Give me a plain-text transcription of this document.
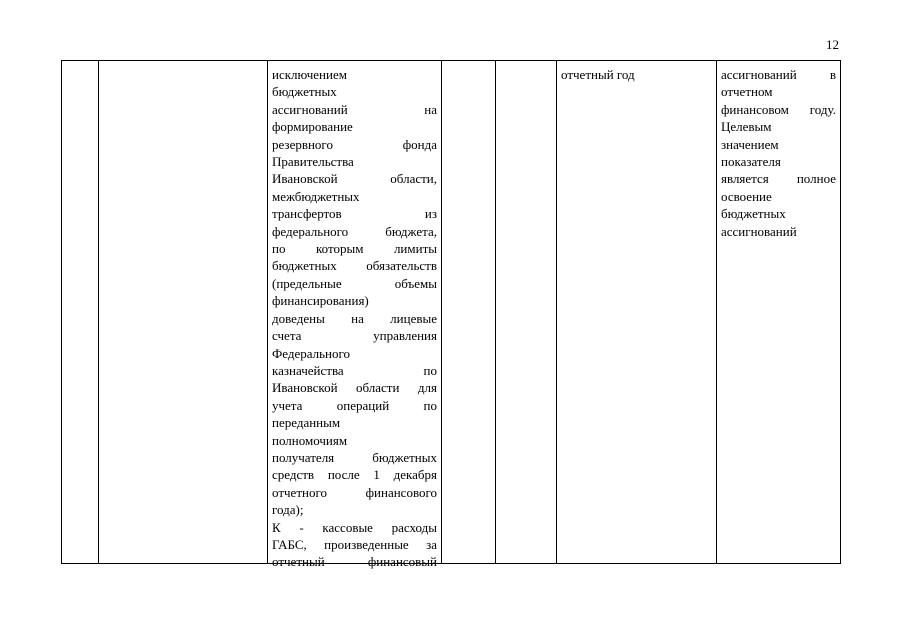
12
исключением
бюджетных
ассигнований на
формирование
резервного фонда
Правительства
Ивановской области,
межбюджетных
трансфертов из
федерального бюджета,
по которым лимиты
бюджетных обязательств
(предельные объемы
финансирования)
доведены на лицевые
счета управления
Федерального
казначейства по
Ивановской области для
учета операций по
переданным
полномочиям
получателя бюджетных
средств после 1 декабря
отчетного финансового
года);
К - кассовые расходы
ГАБС, произведенные за
отчетный финансовый
отчетный год	ассигнований в
отчетном
финансовом году.
Целевым
значением
показателя
является полное
освоение
бюджетных
ассигнований
